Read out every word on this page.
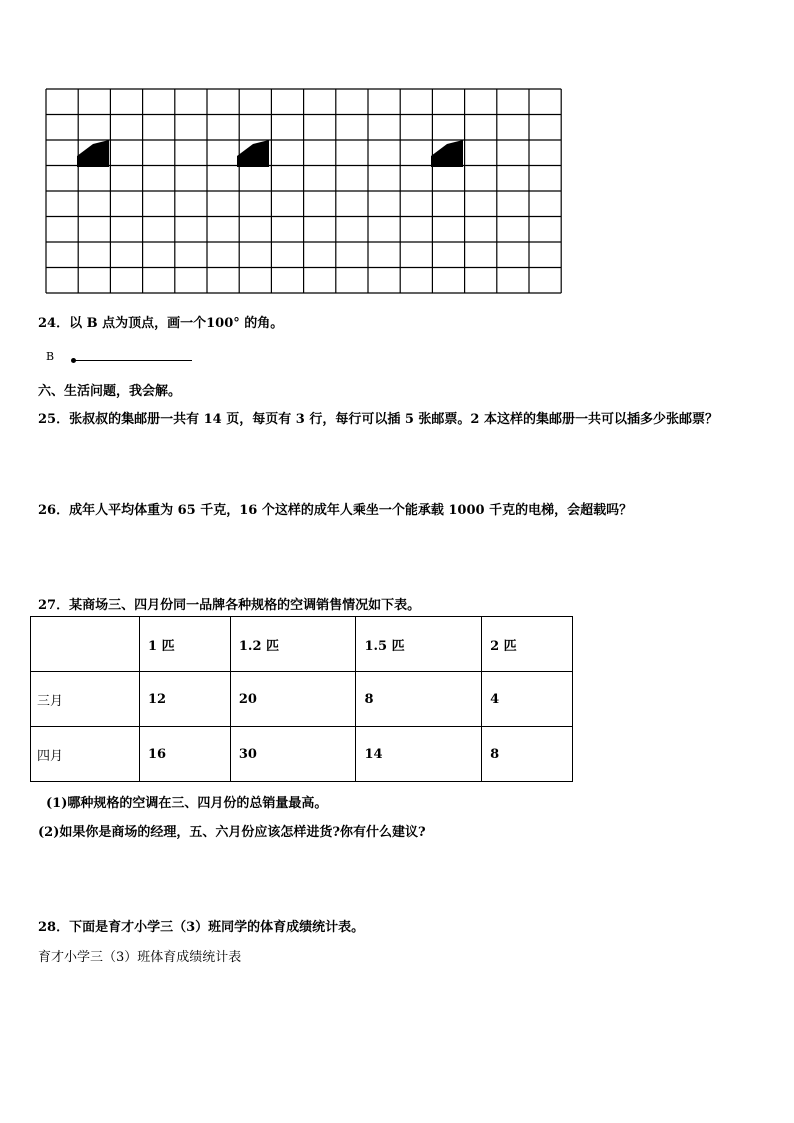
24．以 B 点为顶点，画一个100° 的角。
B
六、生活问题，我会解。
25．张叔叔的集邮册一共有 14 页，每页有 3 行，每行可以插 5 张邮票。2 本这样的集邮册一共可以插多少张邮票？
26．成年人平均体重为 65 千克，16 个这样的成年人乘坐一个能承载 1000 千克的电梯，会超载吗？
27．某商场三、四月份同一品牌各种规格的空调销售情况如下表。
	1 匹	1.2 匹	1.5 匹	2 匹
三月	12	20	8	4
四月	16	30	14	8
(1)哪种规格的空调在三、四月份的总销量最高。
(2)如果你是商场的经理，五、六月份应该怎样进货?你有什么建议?
28．下面是育才小学三（3）班同学的体育成绩统计表。
育才小学三（3）班体育成绩统计表
